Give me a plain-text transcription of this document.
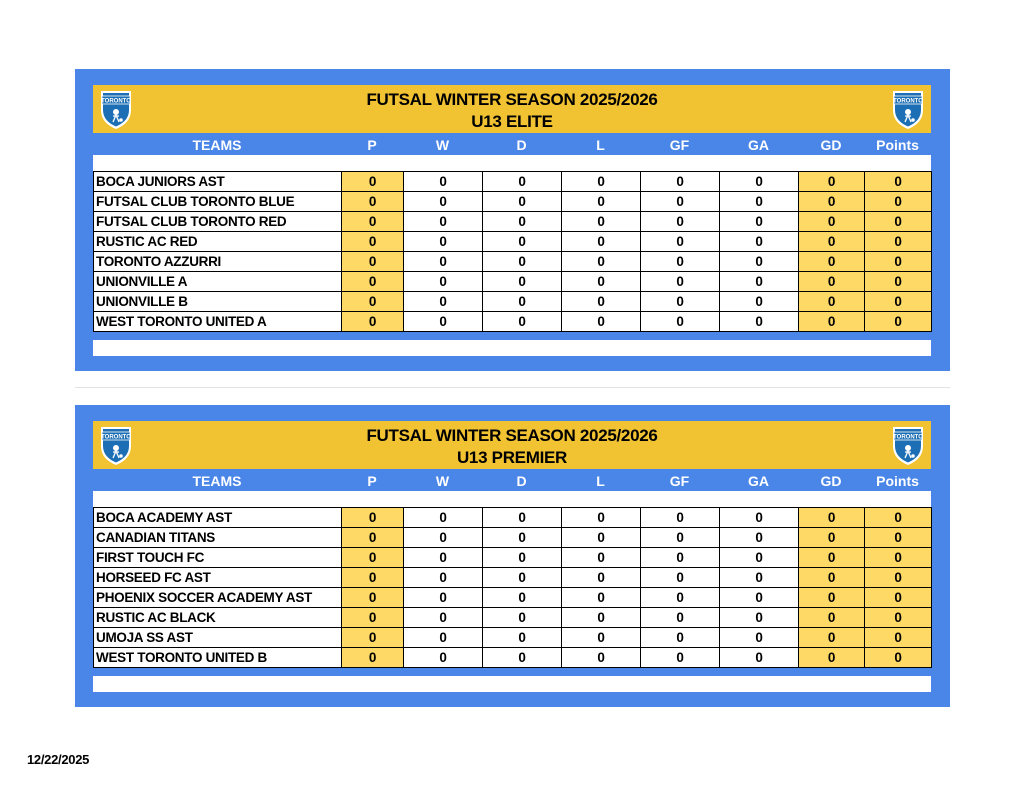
FUTSAL WINTER SEASON 2025/2026
U13 ELITE
TEAMS	P	W	D	L	GF	GA	GD	Points
BOCA JUNIORS AST	0	0	0	0	0	0	0	0
FUTSAL CLUB TORONTO BLUE	0	0	0	0	0	0	0	0
FUTSAL CLUB TORONTO RED	0	0	0	0	0	0	0	0
RUSTIC AC RED	0	0	0	0	0	0	0	0
TORONTO AZZURRI	0	0	0	0	0	0	0	0
UNIONVILLE A	0	0	0	0	0	0	0	0
UNIONVILLE B	0	0	0	0	0	0	0	0
WEST TORONTO UNITED A	0	0	0	0	0	0	0	0
FUTSAL WINTER SEASON 2025/2026
U13 PREMIER
TEAMS	P	W	D	L	GF	GA	GD	Points
BOCA ACADEMY AST	0	0	0	0	0	0	0	0
CANADIAN TITANS	0	0	0	0	0	0	0	0
FIRST TOUCH FC	0	0	0	0	0	0	0	0
HORSEED FC AST	0	0	0	0	0	0	0	0
PHOENIX SOCCER ACADEMY AST	0	0	0	0	0	0	0	0
RUSTIC AC BLACK	0	0	0	0	0	0	0	0
UMOJA SS AST	0	0	0	0	0	0	0	0
WEST TORONTO UNITED B	0	0	0	0	0	0	0	0
12/22/2025
